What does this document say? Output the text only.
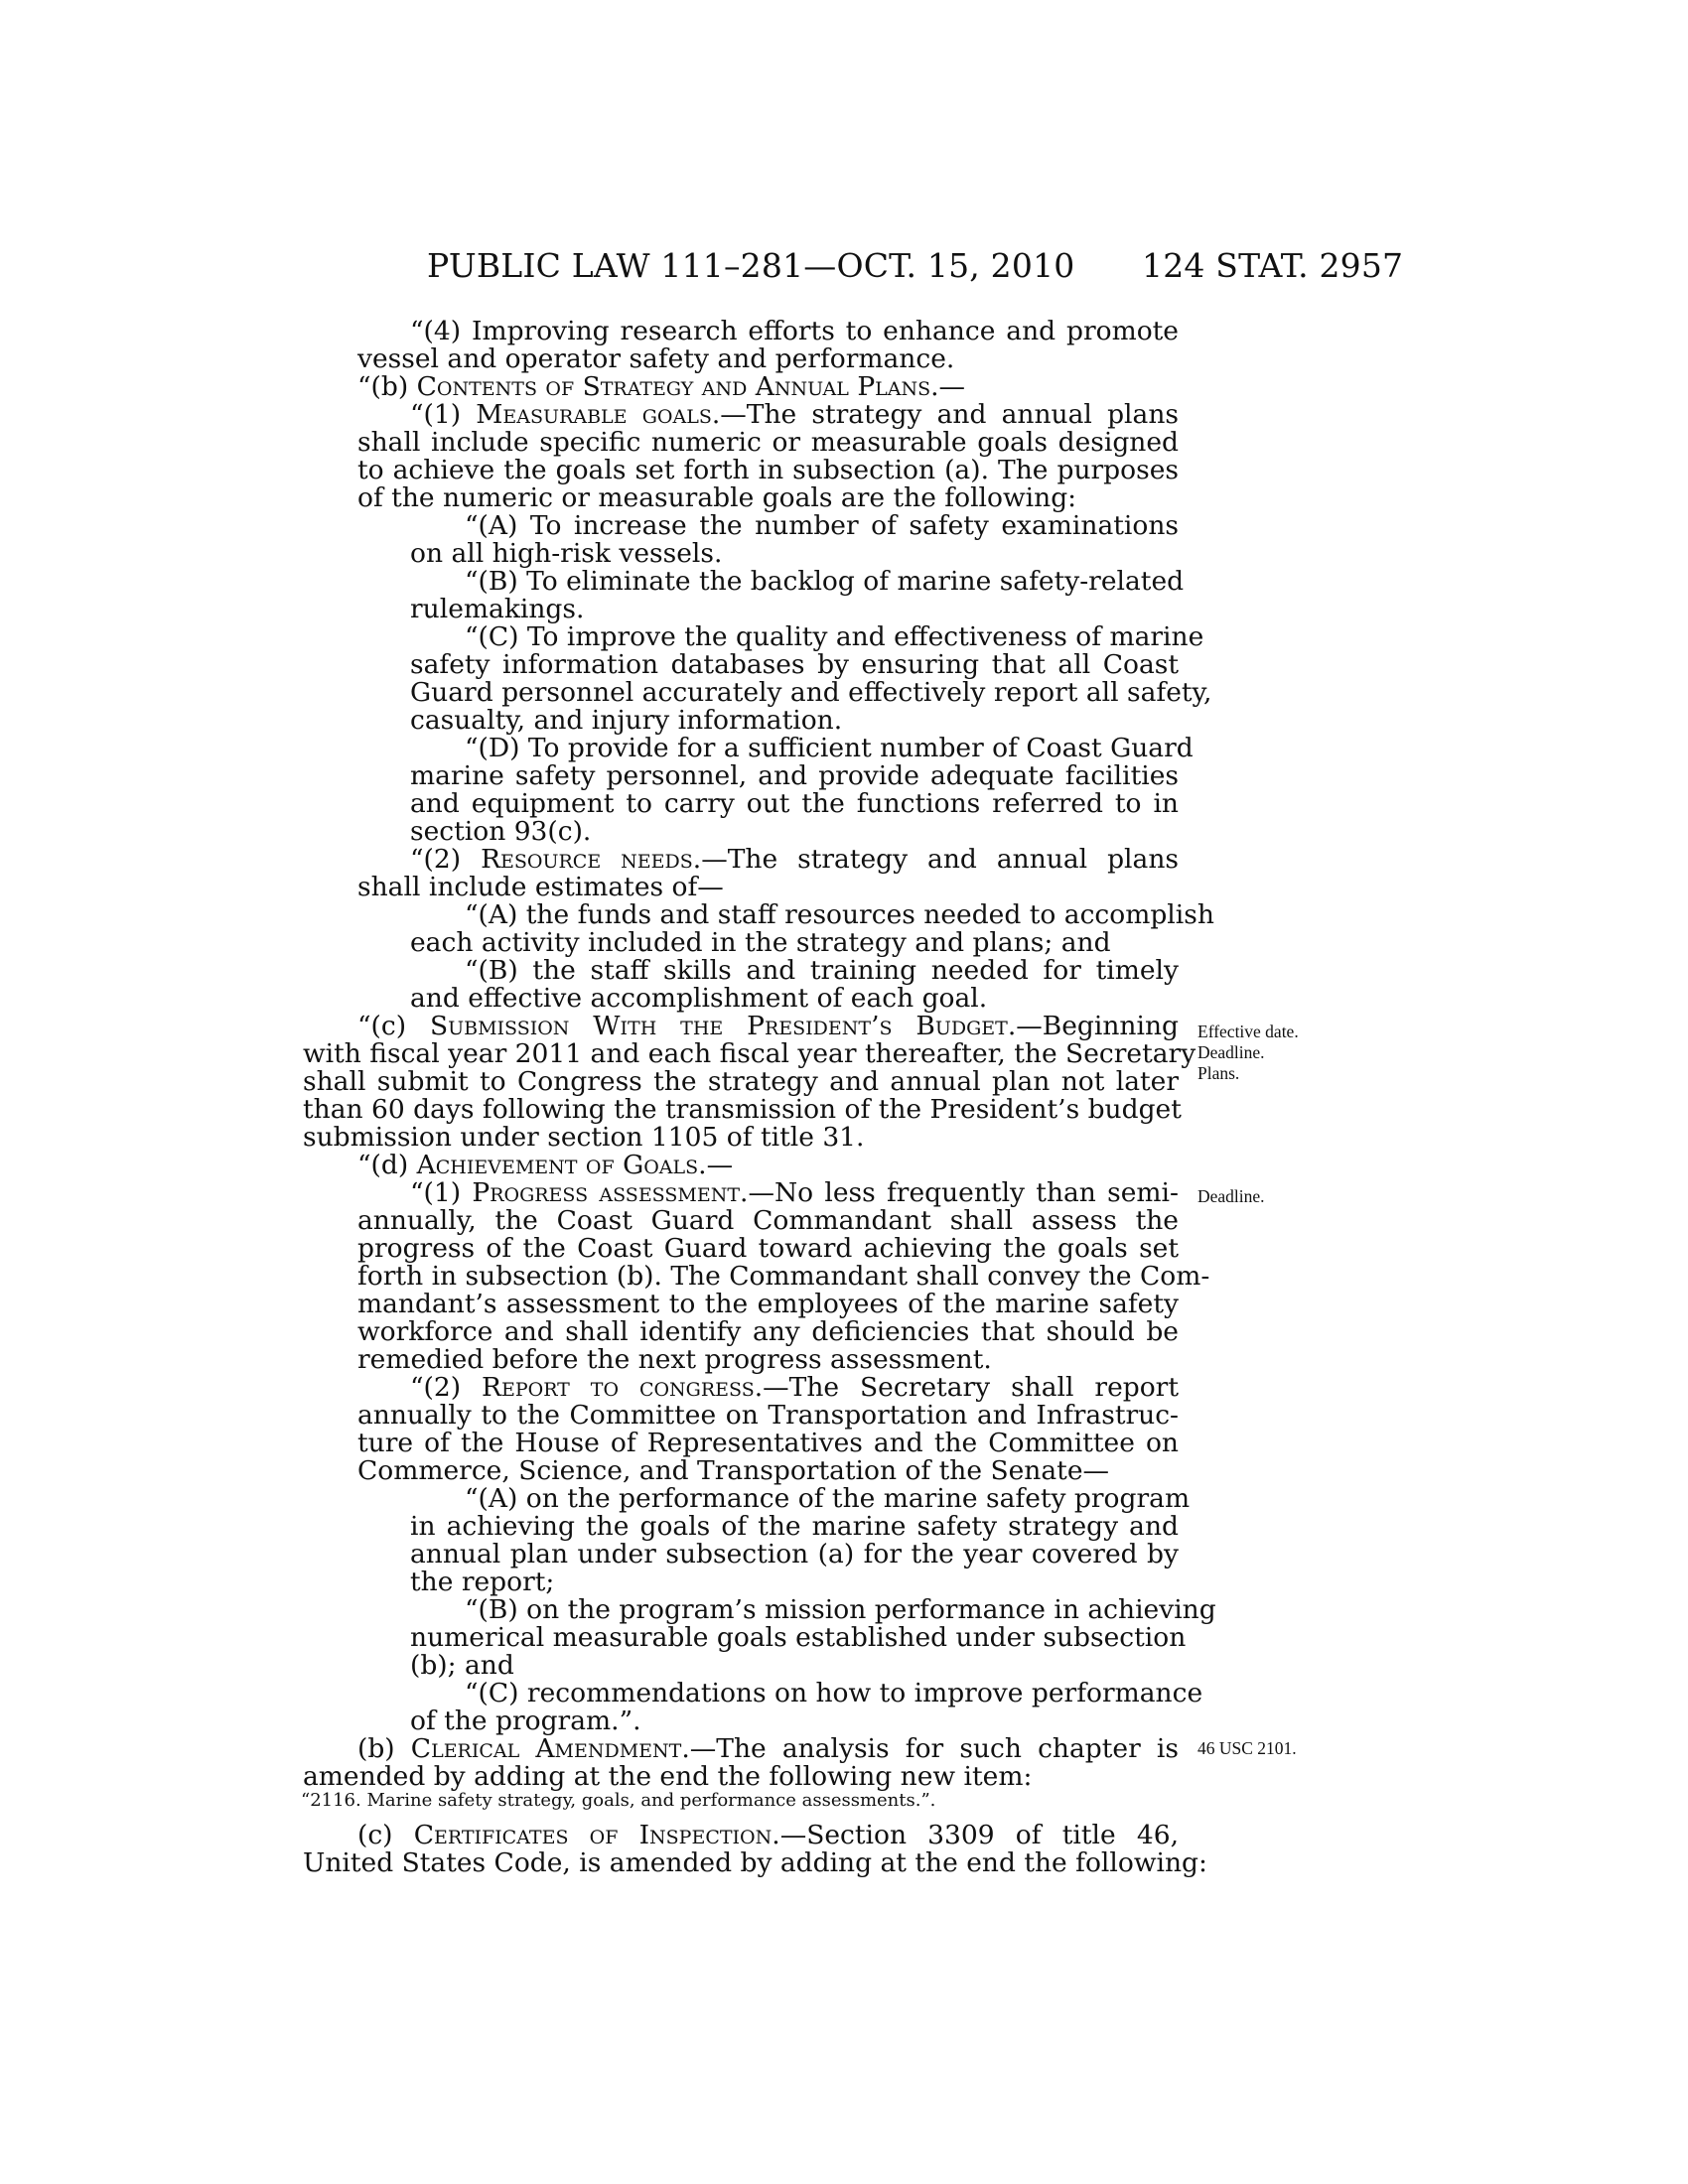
PUBLIC LAW 111–281—OCT. 15, 2010 124 STAT. 2957
“(4) Improving research efforts to enhance and promote
vessel and operator safety and performance.
“(b) Contents of Strategy and Annual Plans.—
“(1) Measurable goals.—The strategy and annual plans
shall include specific numeric or measurable goals designed
to achieve the goals set forth in subsection (a). The purposes
of the numeric or measurable goals are the following:
“(A) To increase the number of safety examinations
on all high-risk vessels.
“(B) To eliminate the backlog of marine safety-related
rulemakings.
“(C) To improve the quality and effectiveness of marine
safety information databases by ensuring that all Coast
Guard personnel accurately and effectively report all safety,
casualty, and injury information.
“(D) To provide for a sufficient number of Coast Guard
marine safety personnel, and provide adequate facilities
and equipment to carry out the functions referred to in
section 93(c).
“(2) Resource needs.—The strategy and annual plans
shall include estimates of—
“(A) the funds and staff resources needed to accomplish
each activity included in the strategy and plans; and
“(B) the staff skills and training needed for timely
and effective accomplishment of each goal.
“(c) Submission With the President’s Budget.—Beginning
with fiscal year 2011 and each fiscal year thereafter, the Secretary
shall submit to Congress the strategy and annual plan not later
than 60 days following the transmission of the President’s budget
submission under section 1105 of title 31.
“(d) Achievement of Goals.—
“(1) Progress assessment.—No less frequently than semi-
annually, the Coast Guard Commandant shall assess the
progress of the Coast Guard toward achieving the goals set
forth in subsection (b). The Commandant shall convey the Com-
mandant’s assessment to the employees of the marine safety
workforce and shall identify any deficiencies that should be
remedied before the next progress assessment.
“(2) Report to congress.—The Secretary shall report
annually to the Committee on Transportation and Infrastruc-
ture of the House of Representatives and the Committee on
Commerce, Science, and Transportation of the Senate—
“(A) on the performance of the marine safety program
in achieving the goals of the marine safety strategy and
annual plan under subsection (a) for the year covered by
the report;
“(B) on the program’s mission performance in achieving
numerical measurable goals established under subsection
(b); and
“(C) recommendations on how to improve performance
of the program.”.
(b) Clerical Amendment.—The analysis for such chapter is
amended by adding at the end the following new item:
(c) Certificates of Inspection.—Section 3309 of title 46,
United States Code, is amended by adding at the end the following:
“2116. Marine safety strategy, goals, and performance assessments.”.
Effective date.
Deadline.
Plans.
Deadline.
46 USC 2101.
